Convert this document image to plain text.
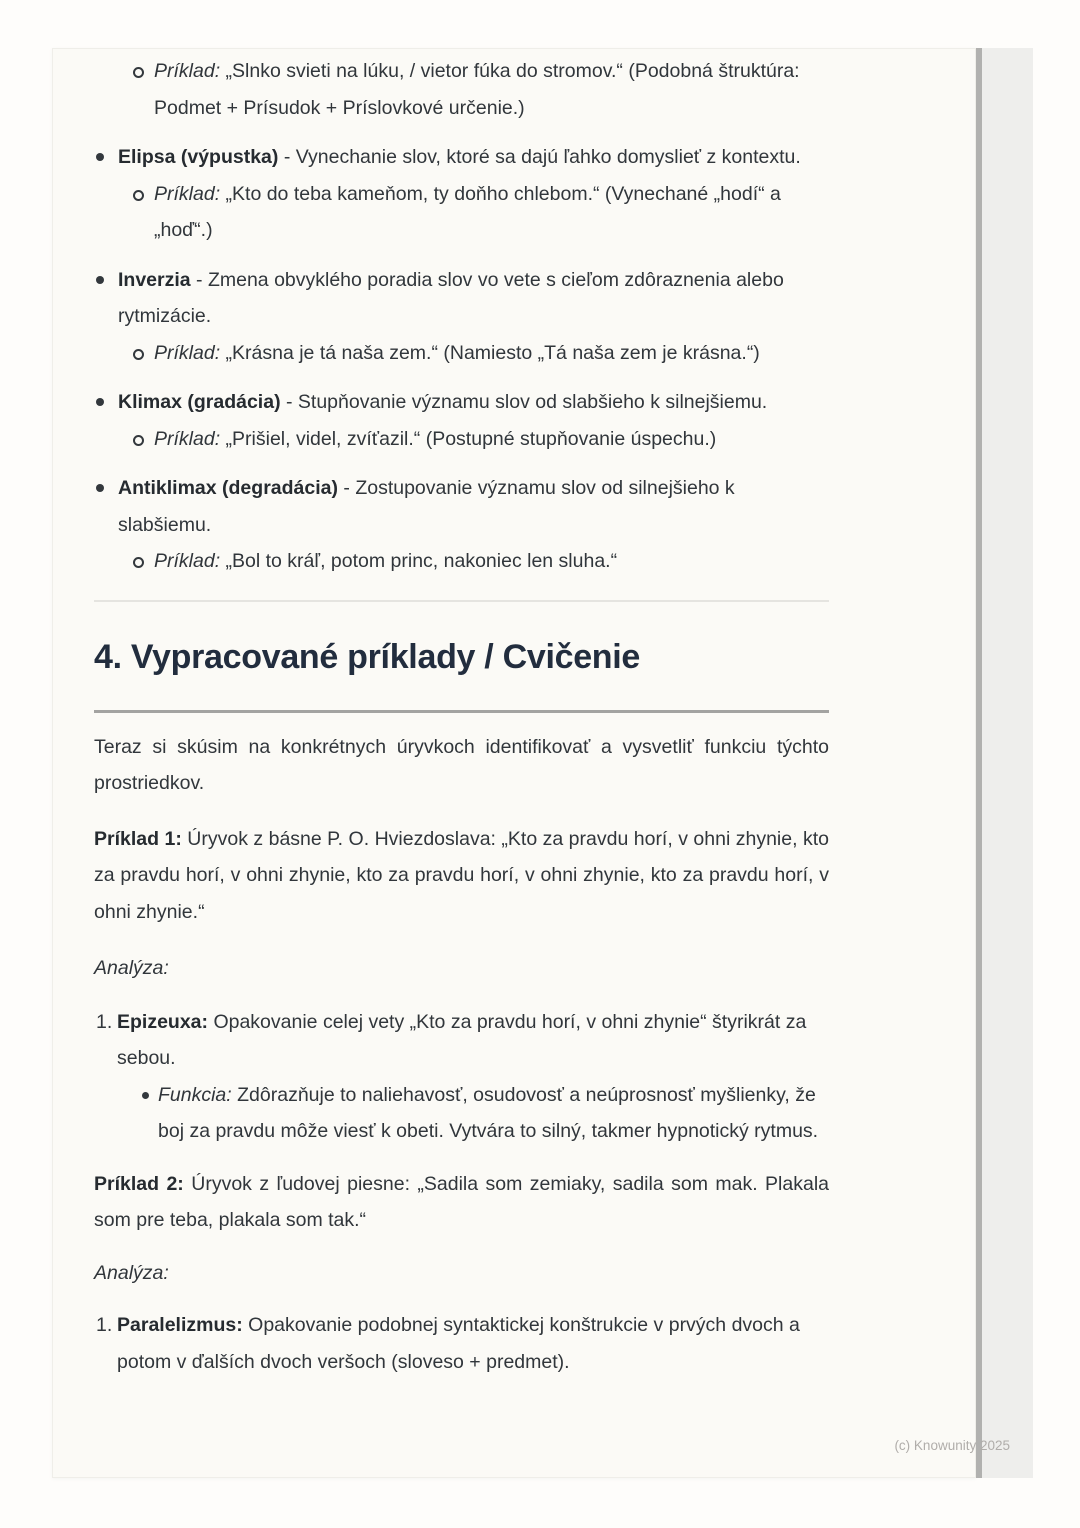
Príklad: „Slnko svieti na lúku, / vietor fúka do stromov.“ (Podobná štruktúra: Podmet + Prísudok + Príslovkové určenie.)
Elipsa (výpustka) - Vynechanie slov, ktoré sa dajú ľahko domyslieť z kontextu.
Príklad: „Kto do teba kameňom, ty doňho chlebom.“ (Vynechané „hodí“ a „hoď“.)
Inverzia - Zmena obvyklého poradia slov vo vete s cieľom zdôraznenia alebo rytmizácie.
Príklad: „Krásna je tá naša zem.“ (Namiesto „Tá naša zem je krásna.“)
Klimax (gradácia) - Stupňovanie významu slov od slabšieho k silnejšiemu.
Príklad: „Prišiel, videl, zvíťazil.“ (Postupné stupňovanie úspechu.)
Antiklimax (degradácia) - Zostupovanie významu slov od silnejšieho k slabšiemu.
Príklad: „Bol to kráľ, potom princ, nakoniec len sluha.“
4. Vypracované príklady / Cvičenie

Teraz si skúsim na konkrétnych úryvkoch identifikovať a vysvetliť funkciu týchto prostriedkov.

Príklad 1: Úryvok z básne P. O. Hviezdoslava: „Kto za pravdu horí, v ohni zhynie, kto za pravdu horí, v ohni zhynie, kto za pravdu horí, v ohni zhynie, kto za pravdu horí, v ohni zhynie.“

Analýza:

1. Epizeuxa: Opakovanie celej vety „Kto za pravdu horí, v ohni zhynie“ štyrikrát za sebou.
Funkcia: Zdôrazňuje to naliehavosť, osudovosť a neúprosnosť myšlienky, že boj za pravdu môže viesť k obeti. Vytvára to silný, takmer hypnotický rytmus.

Príklad 2: Úryvok z ľudovej piesne: „Sadila som zemiaky, sadila som mak. Plakala som pre teba, plakala som tak.“

Analýza:

1. Paralelizmus: Opakovanie podobnej syntaktickej konštrukcie v prvých dvoch a potom v ďalších dvoch veršoch (sloveso + predmet).
(c) Knowunity 2025
